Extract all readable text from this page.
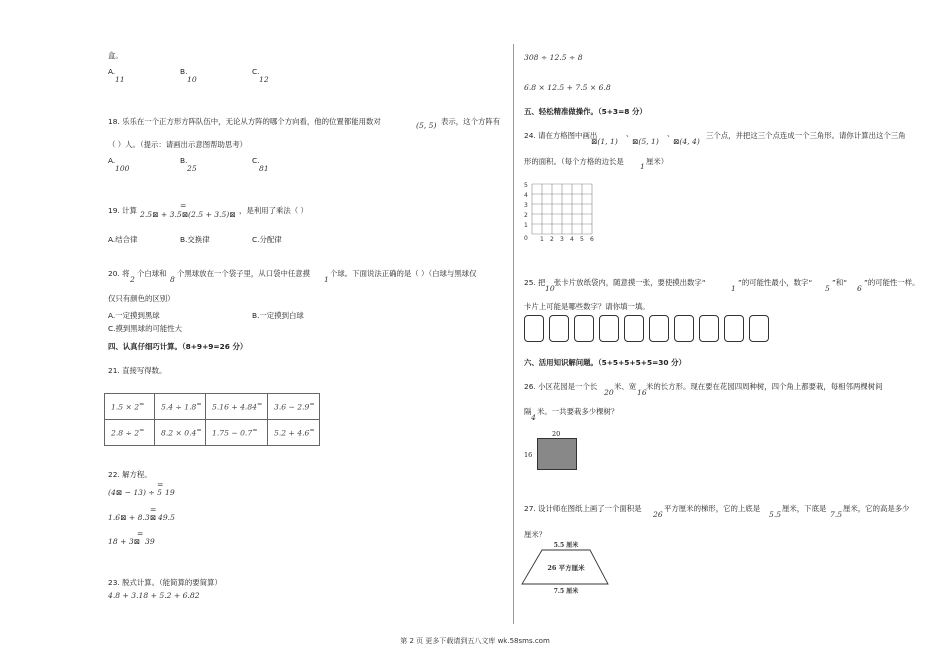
盒。
A.
11
B.
10
C.
12
18. 乐乐在一个正方形方阵队伍中，无论从方阵的哪个方向看，他的位置都能用数对	(5, 5) 表示，这个方阵有
（ ）人。（提示：请画出示意图帮助思考）
A.
100
B.
25
C.
81
19. 计算 2.5⊠ + 3.5⊠
=
(2.5 + 3.5)⊠ ，是利用了乘法（ ）
A.结合律	B.交换律	C.分配律
20. 将
2
个白球和
8
个黑球放在一个袋子里，从口袋中任意摸
1
个球。下面说法正确的是（ ）（白球与黑球仅
仅只有颜色的区别）
A.一定摸到黑球	B.一定摸到白球
C.摸到黑球的可能性大
四、认真仔细巧计算。（8+9+9=26 分）
21. 直接写得数。
1.5 × 2=	5.4 ÷ 1.8=	5.16 + 4.84=	3.6 − 2.9=
2.8 ÷ 2=	8.2 × 0.4=	1.75 − 0.7=	5.2 + 4.6=
22. 解方程。
(4⊠ − 13) ÷ 5
=
19
1.6⊠ + 8.3⊠
=
49.5
18 + 3⊠
=
39
23. 脱式计算。（能简算的要简算）
4.8 + 3.18 + 5.2 + 6.82
308 ÷ 12.5 ÷ 8
6.8 × 12.5 + 7.5 × 6.8
五、轻松精准做操作。（5+3=8 分）
24. 请在方格图中画出
⊠(1, 1)
、
⊠(5, 1)
、
⊠(4, 4)
三个点，并把这三个点连成一个三角形。请你计算出这个三角
形的面积。（每个方格的边长是
1
厘米）
5
4
3
2
1
0 1 2 3 4 5 6
25. 把
10
张卡片放纸袋内，随意摸一张，要使摸出数字“
1
”的可能性最小，数字“
5
”和“
6
”的可能性一样。
卡片上可能是哪些数字？请你填一填。
六、活用知识解问题。（5+5+5+5+5=30 分）
26. 小区花园是一个长
20
米、宽
16
米的长方形。现在要在花园四周种树，四个角上都要栽，每相邻两棵树间
隔
4
米。一共要栽多少棵树？
20
16
27. 设计师在图纸上画了一个面积是
26
平方厘米的梯形，它的上底是
5.5
厘米，下底是
7.5
厘米，它的高是多少
厘米？
5.5 厘米
26 平方厘米
7.5 厘米
第 2 页 更多下载请到五八文库 wk.58sms.com
